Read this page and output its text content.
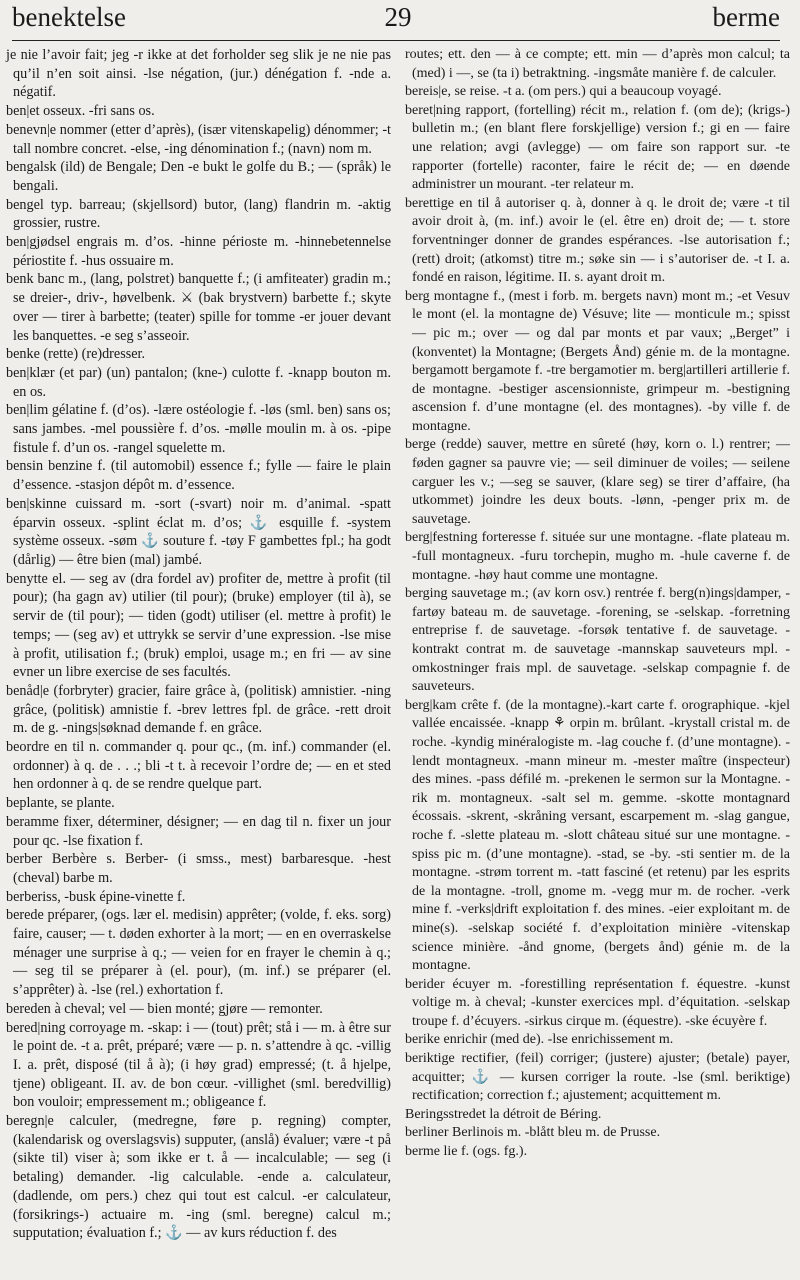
benektelse	29	berme

je nie l’avoir fait; jeg -r ikke at det forholder seg slik je ne nie pas qu’il n’en soit ainsi. -lse négation, (jur.) dénégation f. -nde a. négatif.

ben|et osseux. -fri sans os.

benevn|e nommer (etter d’après), (især vitenskapelig) dénommer; -t tall nombre concret. -else, -ing dénomination f.; (navn) nom m.

bengalsk (ild) de Bengale; Den -e bukt le golfe du B.; — (språk) le bengali.

bengel typ. barreau; (skjellsord) butor, (lang) flandrin m. -aktig grossier, rustre.

ben|gjødsel engrais m. d’os. -hinne périoste m. -hinnebetennelse périostite f. -hus ossuaire m.

benk banc m., (lang, polstret) banquette f.; (i amfiteater) gradin m.; se dreier-, driv-, høvelbenk. ⚔ (bak brystvern) barbette f.; skyte over — tirer à barbette; (teater) spille for tomme -er jouer devant les banquettes. -e seg s’asseoir.

benke (rette) (re)dresser.

ben|klær (et par) (un) pantalon; (kne-) culotte f. -knapp bouton m. en os.

ben|lim gélatine f. (d’os). -lære ostéologie f. -løs (sml. ben) sans os; sans jambes. -mel poussière f. d’os. -mølle moulin m. à os. -pipe fistule f. d’un os. -rangel squelette m.

bensin benzine f. (til automobil) essence f.; fylle — faire le plain d’essence. -stasjon dépôt m. d’essence.

ben|skinne cuissard m. -sort (-svart) noir m. d’animal. -spatt éparvin osseux. -splint éclat m. d’os; ⚓ esquille f. -system système osseux. -søm ⚓ souture f. -tøy F gambettes fpl.; ha godt (dårlig) — être bien (mal) jambé.

benytte el. — seg av (dra fordel av) profiter de, mettre à profit (til pour); (ha gagn av) utilier (til pour); (bruke) employer (til à), se servir de (til pour); — tiden (godt) utiliser (el. mettre à profit) le temps; — (seg av) et uttrykk se servir d’une expression. -lse mise à profit, utilisation f.; (bruk) emploi, usage m.; en fri — av sine evner un libre exercise de ses facultés.

benåd|e (forbryter) gracier, faire grâce à, (politisk) amnistier. -ning grâce, (politisk) amnistie f. -brev lettres fpl. de grâce. -rett droit m. de g. -nings|søknad demande f. en grâce.

beordre en til n. commander q. pour qc., (m. inf.) commander (el. ordonner) à q. de . . .; bli -t t. à recevoir l’ordre de; — en et sted hen ordonner à q. de se rendre quelque part.

beplante, se plante.

beramme fixer, déterminer, désigner; — en dag til n. fixer un jour pour qc. -lse fixation f.

berber Berbère s. Berber- (i smss., mest) barbaresque. -hest (cheval) barbe m.

berberiss, -busk épine-vinette f.

berede préparer, (ogs. lær el. medisin) apprêter; (volde, f. eks. sorg) faire, causer; — t. døden exhorter à la mort; — en en overraskelse ménager une surprise à q.; — veien for en frayer le chemin à q.; — seg til se préparer à (el. pour), (m. inf.) se préparer (el. s’apprêter) à. -lse (rel.) exhortation f.

bereden à cheval; vel — bien monté; gjøre — remonter.

bered|ning corroyage m. -skap: i — (tout) prêt; stå i — m. à être sur le point de. -t a. prêt, préparé; være — p. n. s’attendre à qc. -villig I. a. prêt, disposé (til å à); (i høy grad) empressé; (t. å hjelpe, tjene) obligeant. II. av. de bon cœur. -villighet (sml. beredvillig) bon vouloir; empressement m.; obligeance f.

beregn|e calculer, (medregne, føre p. regning) compter, (kalendarisk og overslagsvis) supputer, (anslå) évaluer; være -t på (sikte til) viser à; som ikke er t. å — incalculable; — seg (i betaling) demander. -lig calculable. -ende a. calculateur, (dadlende, om pers.) chez qui tout est calcul. -er calculateur, (forsikrings-) actuaire m. -ing (sml. beregne) calcul m.; supputation; évaluation f.; ⚓ — av kurs réduction f. des

routes; ett. den — à ce compte; ett. min — d’après mon calcul; ta (med) i —, se (ta i) betraktning. -ingsmåte manière f. de calculer.

bereis|e, se reise. -t a. (om pers.) qui a beaucoup voyagé.

beret|ning rapport, (fortelling) récit m., relation f. (om de); (krigs-) bulletin m.; (en blant flere forskjellige) version f.; gi en — faire une relation; avgi (avlegge) — om faire son rapport sur. -te rapporter (fortelle) raconter, faire le récit de; — en døende administrer un mourant. -ter relateur m.

berettige en til å autoriser q. à, donner à q. le droit de; være -t til avoir droit à, (m. inf.) avoir le (el. être en) droit de; — t. store forventninger donner de grandes espérances. -lse autorisation f.; (rett) droit; (atkomst) titre m.; søke sin — i s’autoriser de. -t I. a. fondé en raison, légitime. II. s. ayant droit m.

berg montagne f., (mest i forb. m. bergets navn) mont m.; -et Vesuv le mont (el. la montagne de) Vésuve; lite — monticule m.; spisst — pic m.; over — og dal par monts et par vaux; „Berget” i (konventet) la Montagne; (Bergets Ånd) génie m. de la montagne. bergamott bergamote f. -tre bergamotier m. berg|artilleri artillerie f. de montagne. -bestiger ascensionniste, grimpeur m. -bestigning ascension f. d’une montagne (el. des montagnes). -by ville f. de montagne.

berge (redde) sauver, mettre en sûreté (høy, korn o. l.) rentrer; — føden gagner sa pauvre vie; — seil diminuer de voiles; — seilene carguer les v.; —seg se sauver, (klare seg) se tirer d’affaire, (ha utkommet) joindre les deux bouts. -lønn, -penger prix m. de sauvetage.

berg|festning forteresse f. située sur une montagne. -flate plateau m. -full montagneux. -furu torchepin, mugho m. -hule caverne f. de montagne. -høy haut comme une montagne.

berging sauvetage m.; (av korn osv.) rentrée f. berg(n)ings|damper, -fartøy bateau m. de sauvetage. -forening, se -selskap. -forretning entreprise f. de sauvetage. -forsøk tentative f. de sauvetage. -kontrakt contrat m. de sauvetage -mannskap sauveteurs mpl. -omkostninger frais mpl. de sauvetage. -selskap compagnie f. de sauveteurs.

berg|kam crête f. (de la montagne).-kart carte f. orographique. -kjel vallée encaissée. -knapp ⚘ orpin m. brûlant. -krystall cristal m. de roche. -kyndig minéralogiste m. -lag couche f. (d’une montagne). -lendt montagneux. -mann mineur m. -mester maître (inspecteur) des mines. -pass défilé m. -prekenen le sermon sur la Montagne. -rik m. montagneux. -salt sel m. gemme. -skotte montagnard écossais. -skrent, -skråning versant, escarpement m. -slag gangue, roche f. -slette plateau m. -slott château situé sur une montagne. -spiss pic m. (d’une montagne). -stad, se -by. -sti sentier m. de la montagne. -strøm torrent m. -tatt fasciné (et retenu) par les esprits de la montagne. -troll, gnome m. -vegg mur m. de rocher. -verk mine f. -verks|drift exploitation f. des mines. -eier exploitant m. de mine(s). -selskap société f. d’exploitation minière -vitenskap science minière. -ånd gnome, (bergets ånd) génie m. de la montagne.

berider écuyer m. -forestilling représentation f. équestre. -kunst voltige m. à cheval; -kunster exercices mpl. d’équitation. -selskap troupe f. d’écuyers. -sirkus cirque m. (équestre). -ske écuyère f.

berike enrichir (med de). -lse enrichissement m.

beriktige rectifier, (feil) corriger; (justere) ajuster; (betale) payer, acquitter; ⚓ — kursen corriger la route. -lse (sml. beriktige) rectification; correction f.; ajustement; acquittement m.

Beringsstredet la détroit de Béring.

berliner Berlinois m. -blått bleu m. de Prusse.

berme lie f. (ogs. fg.).
